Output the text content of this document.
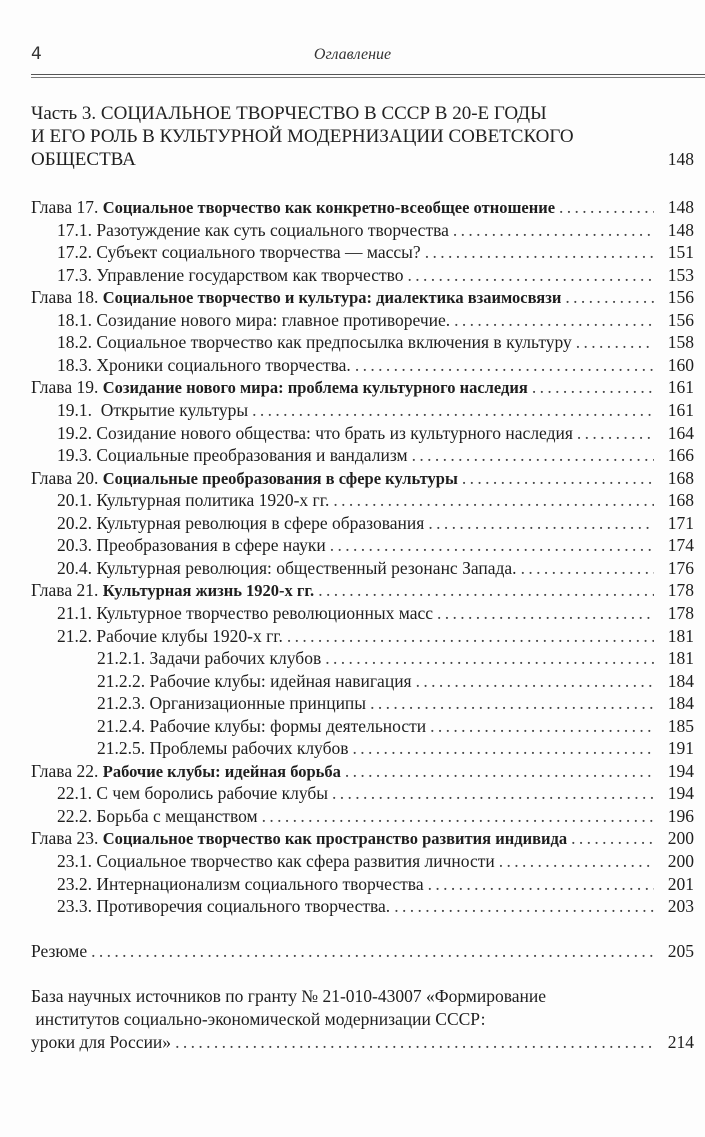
4	Оглавление
Часть 3. СОЦИАЛЬНОЕ ТВОРЧЕСТВО В СССР В 20-Е ГОДЫ
И ЕГО РОЛЬ В КУЛЬТУРНОЙ МОДЕРНИЗАЦИИ СОВЕТСКОГО
ОБЩЕСТВА	148
Глава 17. Социальное творчество как конкретно-всеобщее отношение . . .	148
17.1. Разотуждение как суть социального творчества . . .	148
17.2. Субъект социального творчества — массы? . . .	151
17.3. Управление государством как творчество . . .	153
Глава 18. Социальное творчество и культура: диалектика взаимосвязи . . .	156
18.1. Созидание нового мира: главное противоречие. . . .	156
18.2. Социальное творчество как предпосылка включения в культуру . . .	158
18.3. Хроники социального творчества. . . .	160
Глава 19. Созидание нового мира: проблема культурного наследия . . .	161
19.1.  Открытие культуры . . .	161
19.2. Созидание нового общества: что брать из культурного наследия . . .	164
19.3. Социальные преобразования и вандализм . . .	166
Глава 20. Социальные преобразования в сфере культуры . . .	168
20.1. Культурная политика 1920-х гг. . . .	168
20.2. Культурная революция в сфере образования . . .	171
20.3. Преобразования в сфере науки . . .	174
20.4. Культурная революция: общественный резонанс Запада. . . .	176
Глава 21. Культурная жизнь 1920-х гг. . . .	178
21.1. Культурное творчество революционных масс . . .	178
21.2. Рабочие клубы 1920-х гг. . . .	181
21.2.1. Задачи рабочих клубов . . .	181
21.2.2. Рабочие клубы: идейная навигация . . .	184
21.2.3. Организационные принципы . . .	184
21.2.4. Рабочие клубы: формы деятельности . . .	185
21.2.5. Проблемы рабочих клубов . . .	191
Глава 22. Рабочие клубы: идейная борьба . . .	194
22.1. С чем боролись рабочие клубы . . .	194
22.2. Борьба с мещанством . . .	196
Глава 23. Социальное творчество как пространство развития индивида . . .	200
23.1. Социальное творчество как сфера развития личности . . .	200
23.2. Интернационализм социального творчества . . .	201
23.3. Противоречия социального творчества. . . .	203
Резюме . . .	205
База научных источников по гранту № 21-010-43007 «Формирование
институтов социально-экономической модернизации СССР:
уроки для России» . . .	214
